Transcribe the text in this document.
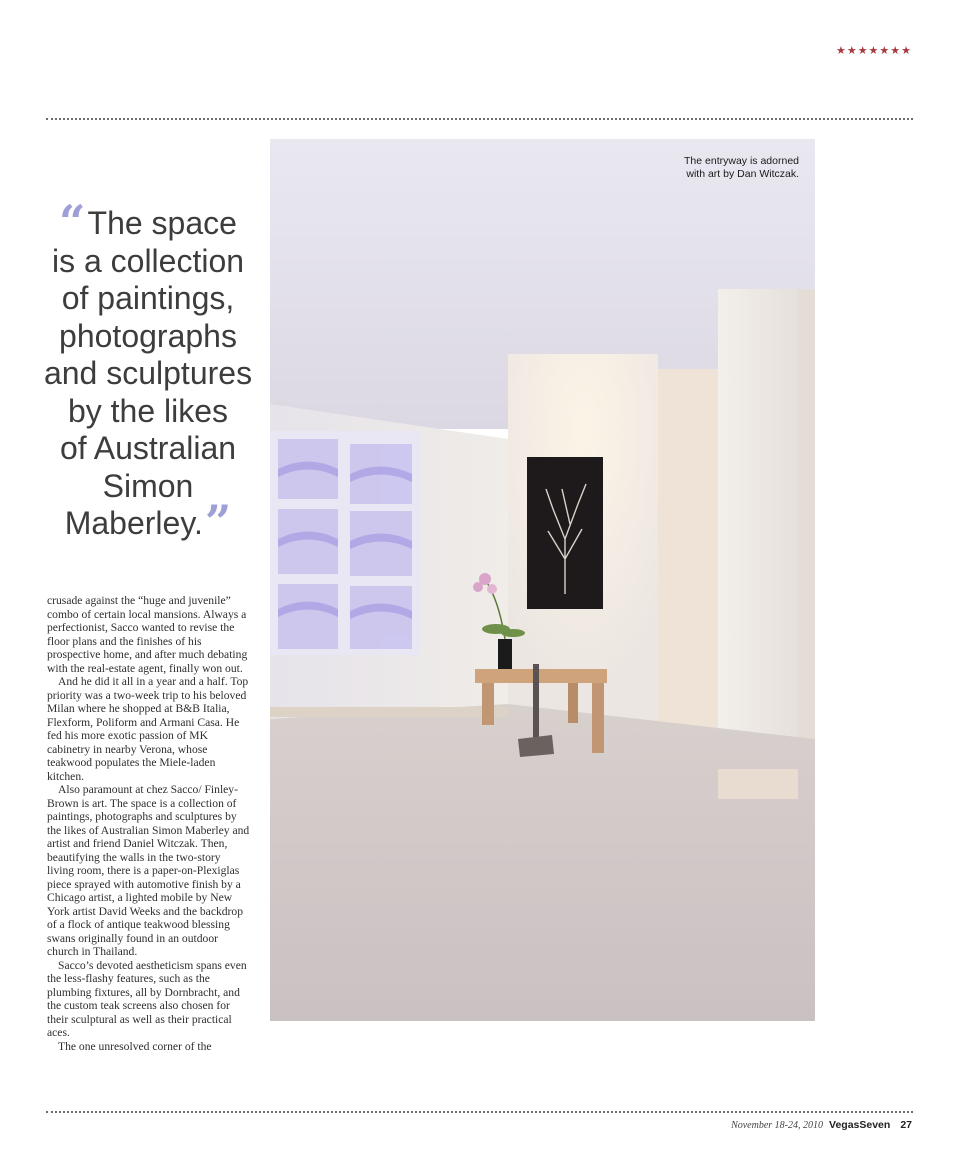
★★★★★★★
The entryway is adorned
with art by Dan Witczak.
“The space
is a collection
of paintings,
photographs
and sculptures
by the likes
of Australian
Simon
Maberley.”

crusade against the “huge and juvenile” combo of certain local mansions. Always a perfectionist, Sacco wanted to revise the floor plans and the finishes of his prospective home, and after much debating with the real-estate agent, finally won out.

And he did it all in a year and a half. Top priority was a two-week trip to his beloved Milan where he shopped at B&B Italia, Flexform, Poliform and Armani Casa. He fed his more exotic passion of MK cabinetry in nearby Verona, whose teakwood populates the Miele-laden kitchen.

Also paramount at chez Sacco/ Finley-Brown is art. The space is a collection of paintings, photographs and sculptures by the likes of Australian Simon Maberley and artist and friend Daniel Witczak. Then, beautifying the walls in the two-story living room, there is a paper-on-Plexiglas piece sprayed with automotive finish by a Chicago artist, a lighted mobile by New York artist David Weeks and the backdrop of a flock of antique teakwood blessing swans originally found in an outdoor church in Thailand.

Sacco’s devoted aestheticism spans even the less-flashy features, such as the plumbing fixtures, all by Dornbracht, and the custom teak screens also chosen for their sculptural as well as their practical aces.

The one unresolved corner of the

November 18-24, 2010 VegasSeven 27
